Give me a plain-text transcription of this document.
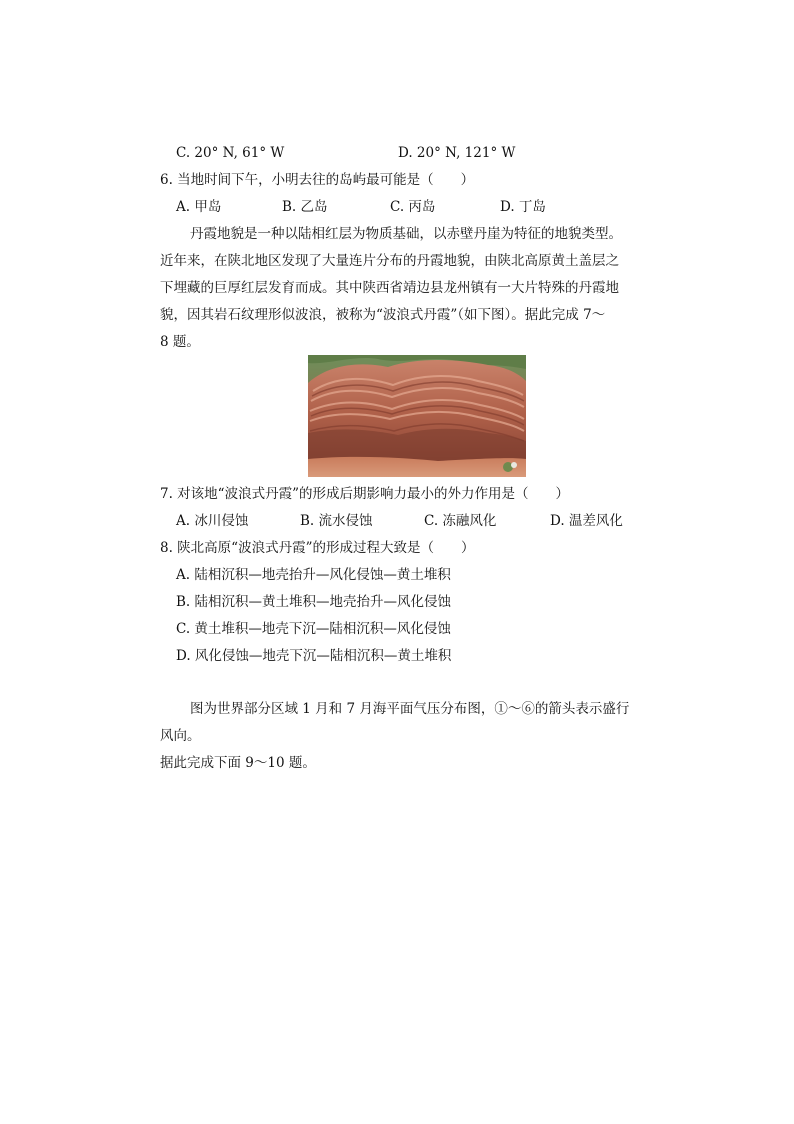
C. 20° N, 61° W	D. 20° N, 121° W
6. 当地时间下午，小明去往的岛屿最可能是（　　）
A. 甲岛	B. 乙岛	C. 丙岛	D. 丁岛
丹霞地貌是一种以陆相红层为物质基础，以赤壁丹崖为特征的地貌类型。
近年来，在陕北地区发现了大量连片分布的丹霞地貌，由陕北高原黄土盖层之
下埋藏的巨厚红层发育而成。其中陕西省靖边县龙州镇有一大片特殊的丹霞地
貌，因其岩石纹理形似波浪，被称为“波浪式丹霞”（如下图）。据此完成 7～
8 题。
7. 对该地“波浪式丹霞”的形成后期影响力最小的外力作用是（　　）
A. 冰川侵蚀	B. 流水侵蚀	C. 冻融风化	D. 温差风化
8. 陕北高原“波浪式丹霞”的形成过程大致是（　　）
A. 陆相沉积—地壳抬升—风化侵蚀—黄土堆积
B. 陆相沉积—黄土堆积—地壳抬升—风化侵蚀
C. 黄土堆积—地壳下沉—陆相沉积—风化侵蚀
D. 风化侵蚀—地壳下沉—陆相沉积—黄土堆积
图为世界部分区域 1 月和 7 月海平面气压分布图，①～⑥的箭头表示盛行
风向。
据此完成下面 9～10 题。
